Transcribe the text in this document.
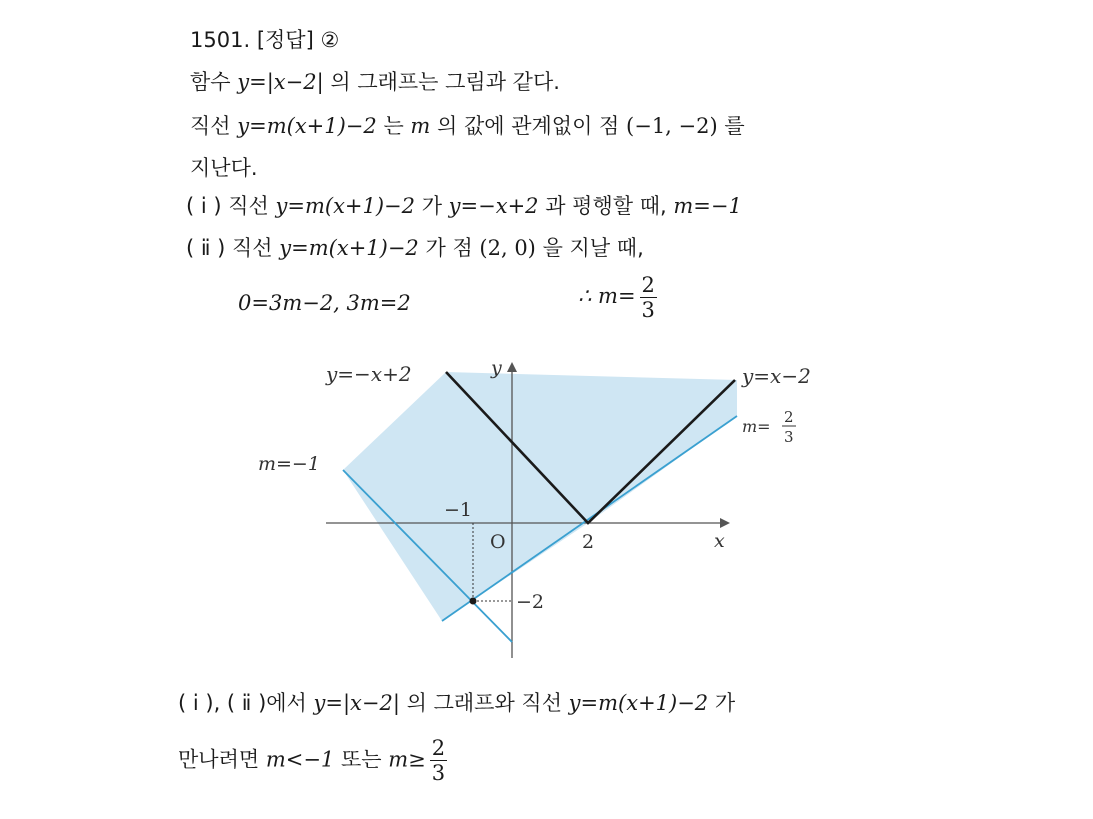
1501. [정답] ②
함수 y=|x−2| 의 그래프는 그림과 같다.
직선 y=m(x+1)−2 는 m 의 값에 관계없이 점 (−1, −2) 를
지난다.
( ⅰ ) 직선 y=m(x+1)−2 가 y=−x+2 과 평행할 때, m=−1
( ⅱ ) 직선 y=m(x+1)−2 가 점 (2, 0) 을 지날 때,
0=3m−2, 3m=2	∴ $m= \frac{2}{3}$
y=−x+2	y=x−2
m=−1
m= 2
3
y
x
O	2
−1
−2
( ⅰ ), ( ⅱ )에서 y=|x−2| 의 그래프와 직선 y=m(x+1)−2 가
만나려면 m<−1 또는 $m\ge \frac{2}{3}$
